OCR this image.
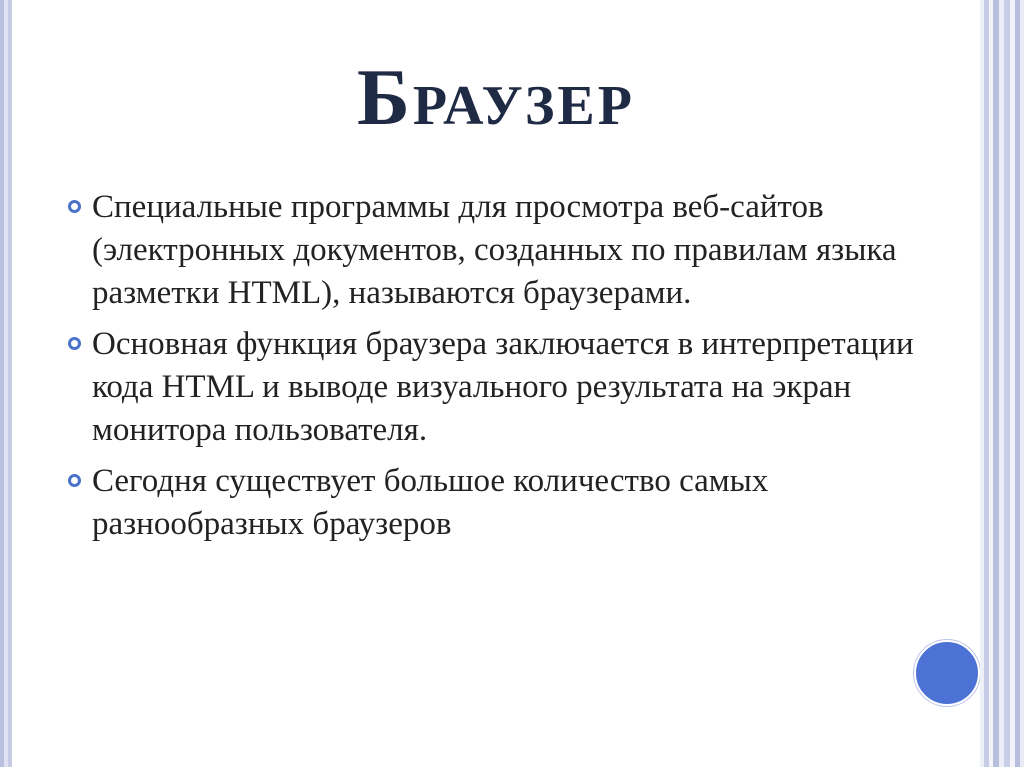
Браузер
Специальные программы для просмотра веб-сайтов (электронных документов, созданных по правилам языка разметки HTML), называются браузерами.
Основная функция браузера заключается в интерпретации кода HTML и выводе визуального результата на экран монитора пользователя.
Сегодня существует большое количество самых разнообразных браузеров
